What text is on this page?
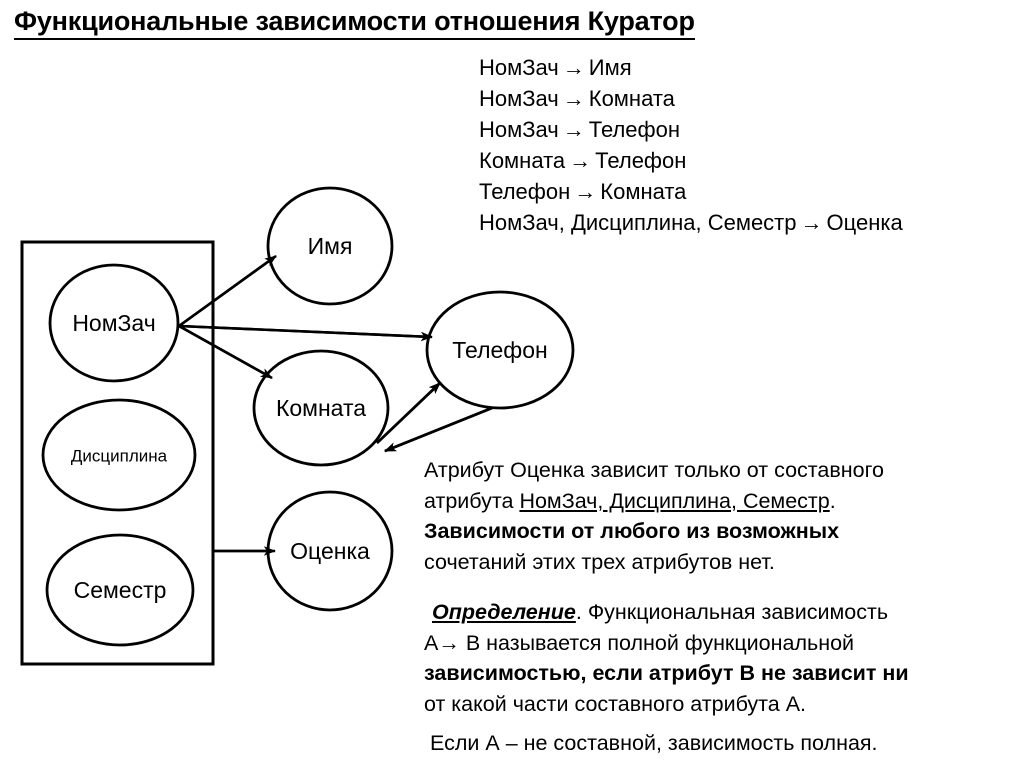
Функциональные зависимости отношения Куратор
НомЗач → Имя
НомЗач → Комната
НомЗач → Телефон
Комната → Телефон
Телефон → Комната
НомЗач, Дисциплина, Семестр → Оценка
НомЗач
Дисциплина
Семестр
Имя
Комната
Телефон
Оценка
Атрибут Оценка зависит только от составного
атрибута НомЗач, Дисциплина, Семестр.
Зависимости от любого из возможных
сочетаний этих трех атрибутов нет.
Определение. Функциональная зависимость
А→ В называется полной функциональной
зависимостью, если атрибут В не зависит ни
от какой части составного атрибута А.
Если А – не составной, зависимость полная.
